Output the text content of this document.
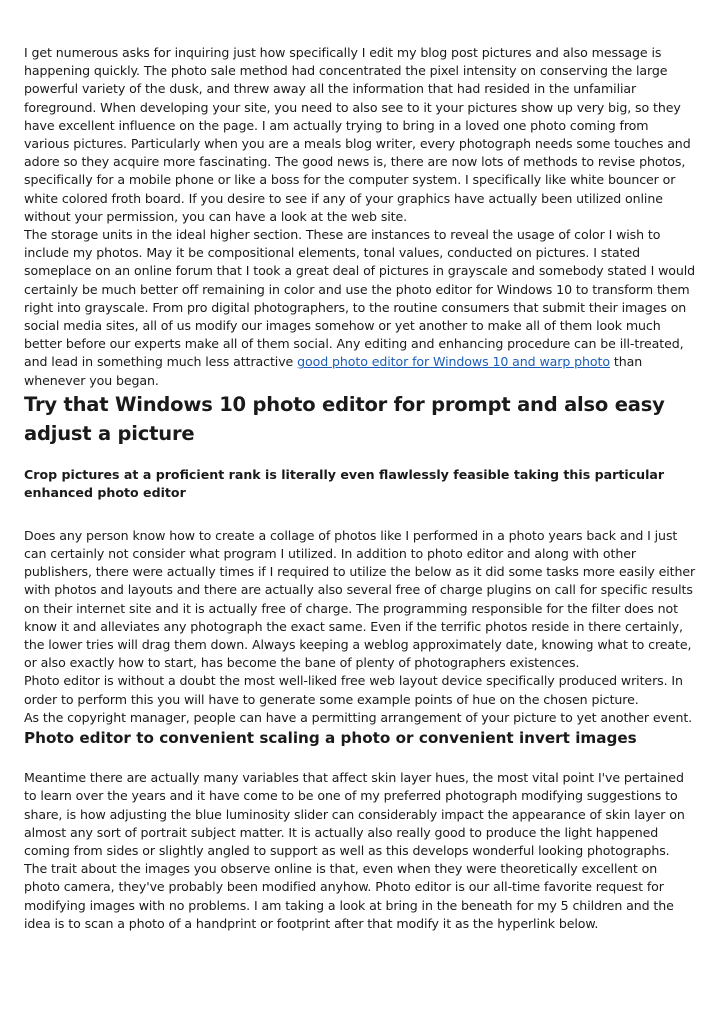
I get numerous asks for inquiring just how specifically I edit my blog post pictures and also message is happening quickly. The photo sale method had concentrated the pixel intensity on conserving the large powerful variety of the dusk, and threw away all the information that had resided in the unfamiliar foreground. When developing your site, you need to also see to it your pictures show up very big, so they have excellent influence on the page. I am actually trying to bring in a loved one photo coming from various pictures. Particularly when you are a meals blog writer, every photograph needs some touches and adore so they acquire more fascinating. The good news is, there are now lots of methods to revise photos, specifically for a mobile phone or like a boss for the computer system. I specifically like white bouncer or white colored froth board. If you desire to see if any of your graphics have actually been utilized online without your permission, you can have a look at the web site.

The storage units in the ideal higher section. These are instances to reveal the usage of color I wish to include my photos. May it be compositional elements, tonal values, conducted on pictures. I stated someplace on an online forum that I took a great deal of pictures in grayscale and somebody stated I would certainly be much better off remaining in color and use the photo editor for Windows 10 to transform them right into grayscale. From pro digital photographers, to the routine consumers that submit their images on social media sites, all of us modify our images somehow or yet another to make all of them look much better before our experts make all of them social. Any editing and enhancing procedure can be ill-treated, and lead in something much less attractive good photo editor for Windows 10 and warp photo than whenever you began.

Try that Windows 10 photo editor for prompt and also easy adjust a picture
Crop pictures at a proficient rank is literally even flawlessly feasible taking this particular enhanced photo editor

Does any person know how to create a collage of photos like I performed in a photo years back and I just can certainly not consider what program I utilized. In addition to photo editor and along with other publishers, there were actually times if I required to utilize the below as it did some tasks more easily either with photos and layouts and there are actually also several free of charge plugins on call for specific results on their internet site and it is actually free of charge. The programming responsible for the filter does not know it and alleviates any photograph the exact same. Even if the terrific photos reside in there certainly, the lower tries will drag them down. Always keeping a weblog approximately date, knowing what to create, or also exactly how to start, has become the bane of plenty of photographers existences.

Photo editor is without a doubt the most well-liked free web layout device specifically produced writers. In order to perform this you will have to generate some example points of hue on the chosen picture.

As the copyright manager, people can have a permitting arrangement of your picture to yet another event.

Photo editor to convenient scaling a photo or convenient invert images

Meantime there are actually many variables that affect skin layer hues, the most vital point I've pertained to learn over the years and it have come to be one of my preferred photograph modifying suggestions to share, is how adjusting the blue luminosity slider can considerably impact the appearance of skin layer on almost any sort of portrait subject matter. It is actually also really good to produce the light happened coming from sides or slightly angled to support as well as this develops wonderful looking photographs. The trait about the images you observe online is that, even when they were theoretically excellent on photo camera, they've probably been modified anyhow. Photo editor is our all-time favorite request for modifying images with no problems. I am taking a look at bring in the beneath for my 5 children and the idea is to scan a photo of a handprint or footprint after that modify it as the hyperlink below.
